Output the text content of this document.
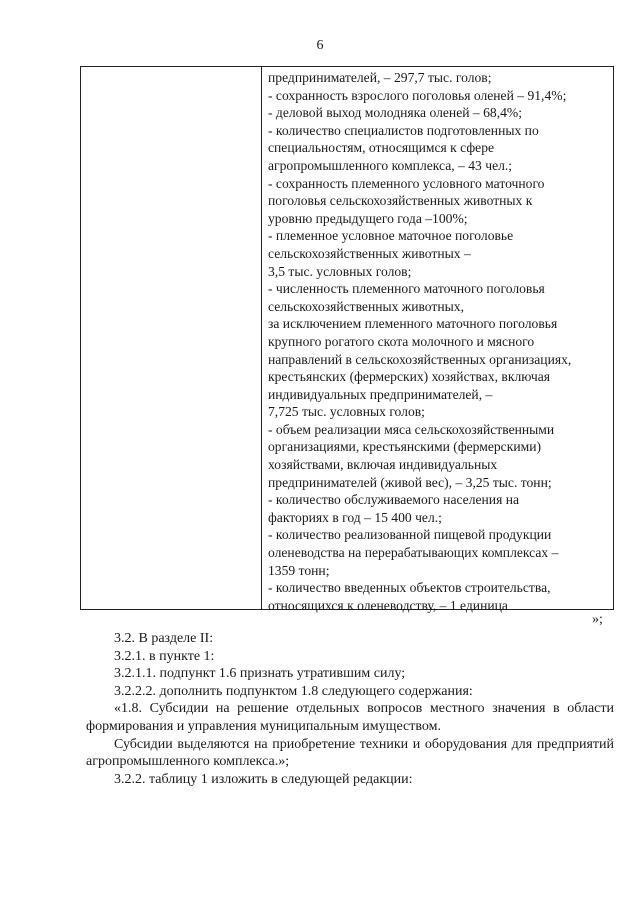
6
предпринимателей, – 297,7 тыс. голов;
- сохранность взрослого поголовья оленей – 91,4%;
- деловой выход молодняка оленей – 68,4%;
- количество специалистов подготовленных по
специальностям, относящимся к сфере
агропромышленного комплекса, – 43 чел.;
- сохранность племенного условного маточного
поголовья сельскохозяйственных животных к
уровню предыдущего года –100%;
- племенное условное маточное поголовье
сельскохозяйственных животных –
3,5 тыс. условных голов;
- численность племенного маточного поголовья
сельскохозяйственных животных,
за исключением племенного маточного поголовья
крупного рогатого скота молочного и мясного
направлений в сельскохозяйственных организациях,
крестьянских (фермерских) хозяйствах, включая
индивидуальных предпринимателей, –
7,725 тыс. условных голов;
- объем реализации мяса сельскохозяйственными
организациями, крестьянскими (фермерскими)
хозяйствами, включая индивидуальных
предпринимателей (живой вес), – 3,25 тыс. тонн;
- количество обслуживаемого населения на
факториях в год – 15 400 чел.;
- количество реализованной пищевой продукции
оленеводства на перерабатывающих комплексах –
1359 тонн;
- количество введенных объектов строительства,
относящихся к оленеводству, – 1 единица
»;
3.2. В разделе II:
3.2.1. в пункте 1:
3.2.1.1. подпункт 1.6 признать утратившим силу;
3.2.2.2. дополнить подпунктом 1.8 следующего содержания:
«1.8. Субсидии на решение отдельных вопросов местного значения в области формирования и управления муниципальным имуществом.
Субсидии выделяются на приобретение техники и оборудования для предприятий агропромышленного комплекса.»;
3.2.2. таблицу 1 изложить в следующей редакции:
